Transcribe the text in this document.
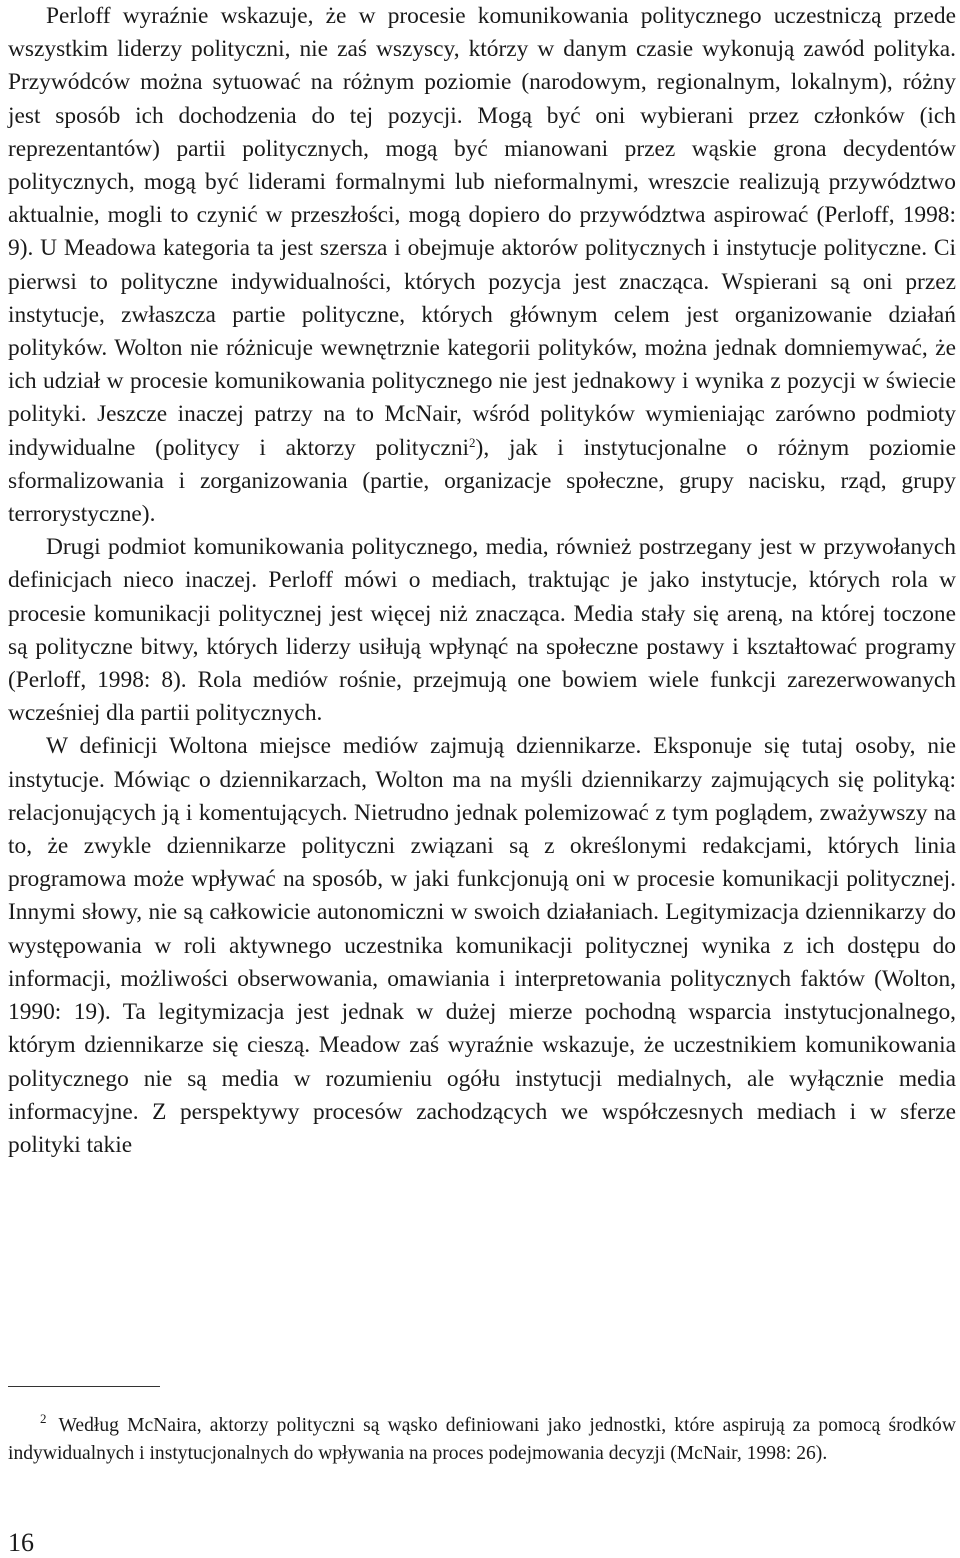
Perloff wyraźnie wskazuje, że w procesie komunikowania politycznego uczestniczą przede wszystkim liderzy polityczni, nie zaś wszyscy, którzy w danym czasie wykonują zawód polityka. Przywódców można sytuować na różnym poziomie (narodowym, regionalnym, lokalnym), różny jest sposób ich dochodzenia do tej pozycji. Mogą być oni wybierani przez członków (ich reprezentantów) partii politycznych, mogą być mianowani przez wąskie grona decydentów politycznych, mogą być liderami formalnymi lub nieformalnymi, wreszcie realizują przywództwo aktualnie, mogli to czynić w przeszłości, mogą dopiero do przywództwa aspirować (Perloff, 1998: 9). U Meadowa kategoria ta jest szersza i obejmuje aktorów politycznych i instytucje polityczne. Ci pierwsi to polityczne indywidualności, których pozycja jest znacząca. Wspierani są oni przez instytucje, zwłaszcza partie polityczne, których głównym celem jest organizowanie działań polityków. Wolton nie różnicuje wewnętrznie kategorii polityków, można jednak domniemywać, że ich udział w procesie komunikowania politycznego nie jest jednakowy i wynika z pozycji w świecie polityki. Jeszcze inaczej patrzy na to McNair, wśród polityków wymieniając zarówno podmioty indywidualne (politycy i aktorzy polityczni$^2$), jak i instytucjonalne o różnym poziomie sformalizowania i zorganizowania (partie, organizacje społeczne, grupy nacisku, rząd, grupy terrorystyczne).

Drugi podmiot komunikowania politycznego, media, również postrzegany jest w przywołanych definicjach nieco inaczej. Perloff mówi o mediach, traktując je jako instytucje, których rola w procesie komunikacji politycznej jest więcej niż znacząca. Media stały się areną, na której toczone są polityczne bitwy, których liderzy usiłują wpłynąć na społeczne postawy i kształtować programy (Perloff, 1998: 8). Rola mediów rośnie, przejmują one bowiem wiele funkcji zarezerwowanych wcześniej dla partii politycznych.

W definicji Woltona miejsce mediów zajmują dziennikarze. Eksponuje się tutaj osoby, nie instytucje. Mówiąc o dziennikarzach, Wolton ma na myśli dziennikarzy zajmujących się polityką: relacjonujących ją i komentujących. Nietrudno jednak polemizować z tym poglądem, zważywszy na to, że zwykle dziennikarze polityczni związani są z określonymi redakcjami, których linia programowa może wpływać na sposób, w jaki funkcjonują oni w procesie komunikacji politycznej. Innymi słowy, nie są całkowicie autonomiczni w swoich działaniach. Legitymizacja dziennikarzy do występowania w roli aktywnego uczestnika komunikacji politycznej wynika z ich dostępu do informacji, możliwości obserwowania, omawiania i interpretowania politycznych faktów (Wolton, 1990: 19). Ta legitymizacja jest jednak w dużej mierze pochodną wsparcia instytucjonalnego, którym dziennikarze się cieszą. Meadow zaś wyraźnie wskazuje, że uczestnikiem komunikowania politycznego nie są media w rozumieniu ogółu instytucji medialnych, ale wyłącznie media informacyjne. Z perspektywy procesów zachodzących we współczesnych mediach i w sferze polityki takie

$^2$ Według McNaira, aktorzy polityczni są wąsko definiowani jako jednostki, które aspirują za pomocą środków indywidualnych i instytucjonalnych do wpływania na proces podejmowania decyzji (McNair, 1998: 26).
16
